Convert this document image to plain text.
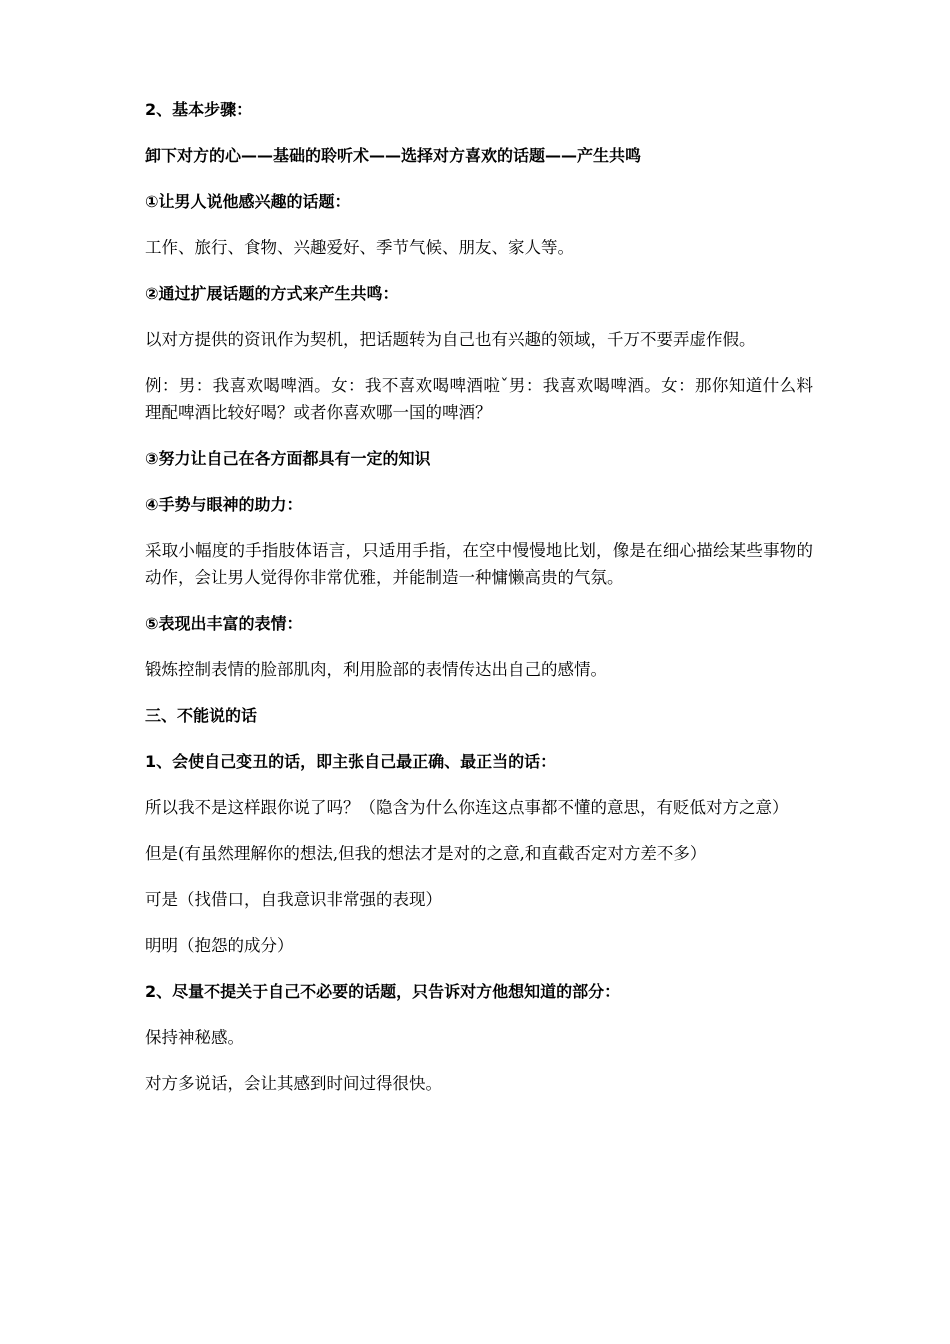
2、基本步骤：

卸下对方的心——基础的聆听术——选择对方喜欢的话题——产生共鸣

①让男人说他感兴趣的话题：

工作、旅行、食物、兴趣爱好、季节气候、朋友、家人等。

②通过扩展话题的方式来产生共鸣：

以对方提供的资讯作为契机，把话题转为自己也有兴趣的领域，千万不要弄虚作假。

例：男：我喜欢喝啤酒。女：我不喜欢喝啤酒啦ˇ男：我喜欢喝啤酒。女：那你知道什么料理配啤酒比较好喝？或者你喜欢哪一国的啤酒？

③努力让自己在各方面都具有一定的知识

④手势与眼神的助力：

采取小幅度的手指肢体语言，只适用手指，在空中慢慢地比划，像是在细心描绘某些事物的动作，会让男人觉得你非常优雅，并能制造一种慵懒高贵的气氛。

⑤表现出丰富的表情：

锻炼控制表情的脸部肌肉，利用脸部的表情传达出自己的感情。

三、不能说的话

1、会使自己变丑的话，即主张自己最正确、最正当的话：

所以我不是这样跟你说了吗？（隐含为什么你连这点事都不懂的意思，有贬低对方之意）

但是(有虽然理解你的想法,但我的想法才是对的之意,和直截否定对方差不多）

可是（找借口，自我意识非常强的表现）

明明（抱怨的成分）

2、尽量不提关于自己不必要的话题，只告诉对方他想知道的部分：

保持神秘感。

对方多说话，会让其感到时间过得很快。
